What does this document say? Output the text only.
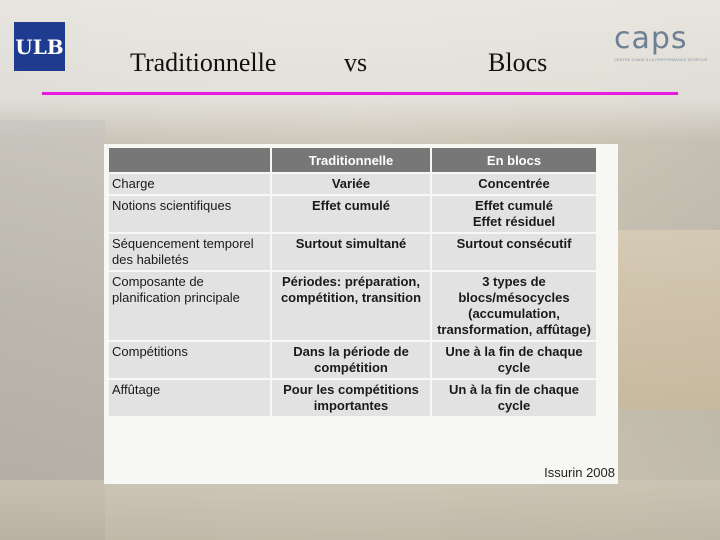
ULB
Traditionnelle	vs	Blocs
caps
CENTRE D'AIDE À LA PERFORMANCE SPORTIVE
	Traditionnelle	En blocs
Charge	Variée	Concentrée
Notions scientifiques	Effet cumulé	Effet cumulé
Effet résiduel
Séquencement temporel des habiletés	Surtout simultané	Surtout consécutif
Composante de planification principale	Périodes: préparation, compétition, transition	3 types de blocs/mésocycles (accumulation, transformation, affûtage)
Compétitions	Dans la période de compétition	Une à la fin de chaque cycle
Affûtage	Pour les compétitions importantes	Un à la fin de chaque cycle
Issurin 2008
